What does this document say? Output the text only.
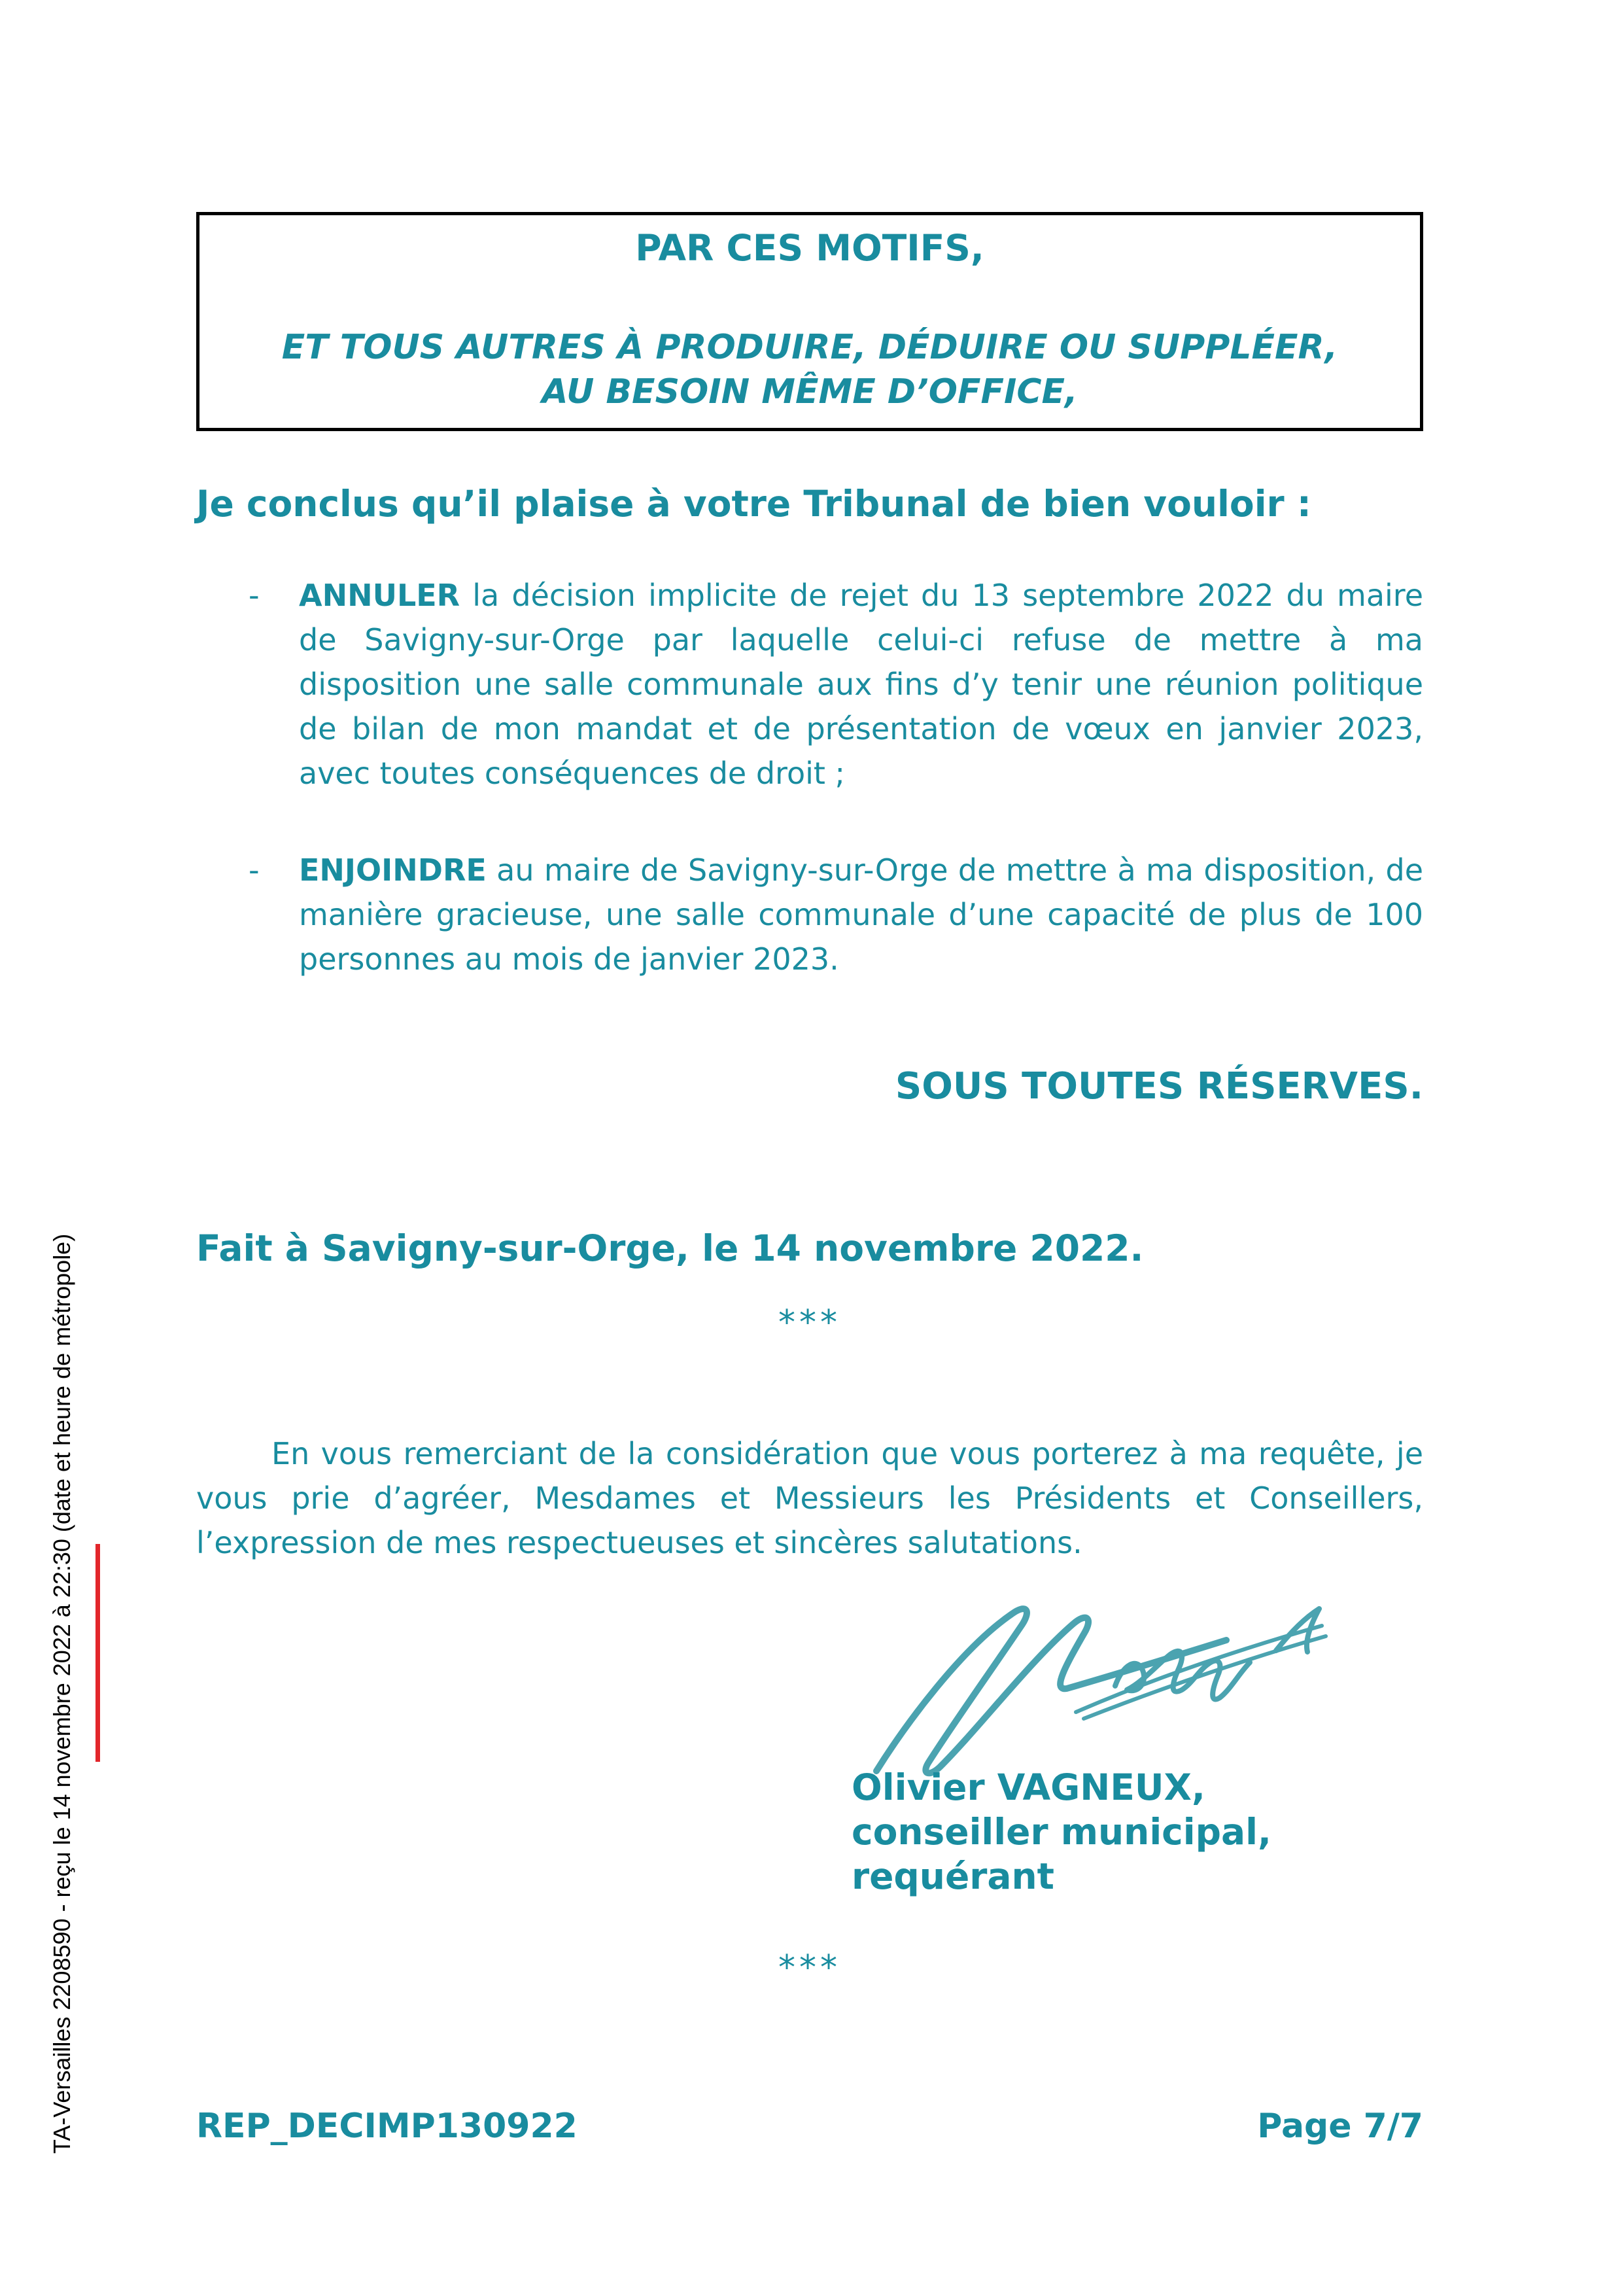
TA-Versailles 2208590 - reçu le 14 novembre 2022 à 22:30 (date et heure de métropole)

PAR CES MOTIFS,

ET TOUS AUTRES À PRODUIRE, DÉDUIRE OU SUPPLÉER,
AU BESOIN MÊME D’OFFICE,

Je conclus qu’il plaise à votre Tribunal de bien vouloir :
- ANNULER la décision implicite de rejet du 13 septembre 2022 du maire de Savigny-sur-Orge par laquelle celui-ci refuse de mettre à ma disposition une salle communale aux fins d’y tenir une réunion politique de bilan de mon mandat et de présentation de vœux en janvier 2023, avec toutes conséquences de droit ;
- ENJOINDRE au maire de Savigny-sur-Orge de mettre à ma disposition, de manière gracieuse, une salle communale d’une capacité de plus de 100 personnes au mois de janvier 2023.
SOUS TOUTES RÉSERVES.
Fait à Savigny-sur-Orge, le 14 novembre 2022.
***

En vous remerciant de la considération que vous porterez à ma requête, je vous prie d’agréer, Mesdames et Messieurs les Présidents et Conseillers, l’expression de mes respectueuses et sincères salutations.

Olivier VAGNEUX,
conseiller municipal,
requérant
***
REP_DECIMP130922	Page 7/7
